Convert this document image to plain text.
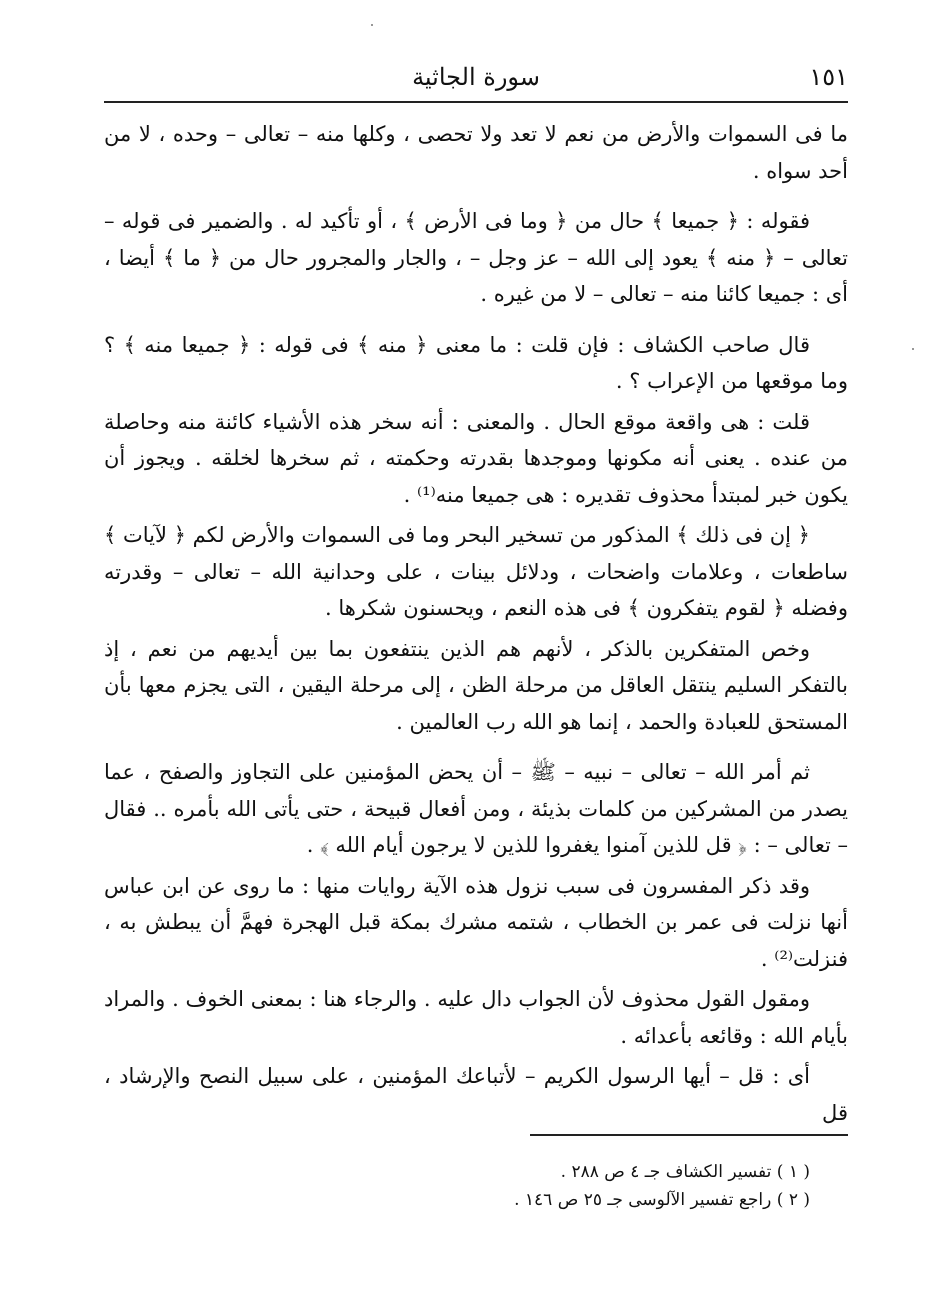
سورة الجاثية	١٥١

ما فى السموات والأرض من نعم لا تعد ولا تحصى ، وكلها منه – تعالى – وحده ، لا من أحد سواه .

فقوله : ﴿ جميعا ﴾ حال من ﴿ وما فى الأرض ﴾ ، أو تأكيد له . والضمير فى قوله – تعالى – ﴿ منه ﴾ يعود إلى الله – عز وجل – ، والجار والمجرور حال من ﴿ ما ﴾ أيضا ، أى : جميعا كائنا منه – تعالى – لا من غيره .

قال صاحب الكشاف : فإن قلت : ما معنى ﴿ منه ﴾ فى قوله : ﴿ جميعا منه ﴾ ؟ وما موقعها من الإعراب ؟ .

قلت : هى واقعة موقع الحال . والمعنى : أنه سخر هذه الأشياء كائنة منه وحاصلة من عنده . يعنى أنه مكونها وموجدها بقدرته وحكمته ، ثم سخرها لخلقه . ويجوز أن يكون خبر لمبتدأ محذوف تقديره : هى جميعا منه⁽¹⁾ .

﴿ إن فى ذلك ﴾ المذكور من تسخير البحر وما فى السموات والأرض لكم ﴿ لآيات ﴾ ساطعات ، وعلامات واضحات ، ودلائل بينات ، على وحدانية الله – تعالى – وقدرته وفضله ﴿ لقوم يتفكرون ﴾ فى هذه النعم ، ويحسنون شكرها .

وخص المتفكرين بالذكر ، لأنهم هم الذين ينتفعون بما بين أيديهم من نعم ، إذ بالتفكر السليم ينتقل العاقل من مرحلة الظن ، إلى مرحلة اليقين ، التى يجزم معها بأن المستحق للعبادة والحمد ، إنما هو الله رب العالمين .

ثم أمر الله – تعالى – نبيه – ﷺ – أن يحض المؤمنين على التجاوز والصفح ، عما يصدر من المشركين من كلمات بذيئة ، ومن أفعال قبيحة ، حتى يأتى الله بأمره .. فقال – تعالى – : ﴿ قل للذين آمنوا يغفروا للذين لا يرجون أيام الله ﴾ .

وقد ذكر المفسرون فى سبب نزول هذه الآية روايات منها : ما روى عن ابن عباس أنها نزلت فى عمر بن الخطاب ، شتمه مشرك بمكة قبل الهجرة فهمَّ أن يبطش به ، فنزلت⁽²⁾ .

ومقول القول محذوف لأن الجواب دال عليه . والرجاء هنا : بمعنى الخوف . والمراد بأيام الله : وقائعه بأعدائه .

أى : قل – أيها الرسول الكريم – لأتباعك المؤمنين ، على سبيل النصح والإرشاد ، قل

( ١ ) تفسير الكشاف جـ ٤ ص ٢٨٨ .

( ٢ ) راجع تفسير الآلوسى جـ ٢٥ ص ١٤٦ .
